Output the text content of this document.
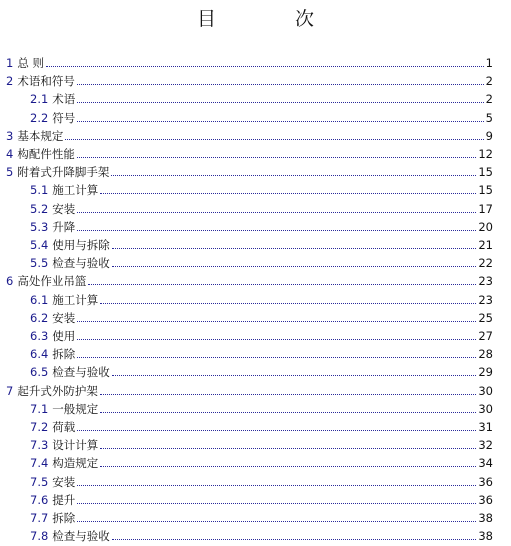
目　次
1 总 则	1
2 术语和符号	2
2.1 术语	2
2.2 符号	5
3 基本规定	9
4 构配件性能	12
5 附着式升降脚手架	15
5.1 施工计算	15
5.2 安装	17
5.3 升降	20
5.4 使用与拆除	21
5.5 检查与验收	22
6 高处作业吊篮	23
6.1 施工计算	23
6.2 安装	25
6.3 使用	27
6.4 拆除	28
6.5 检查与验收	29
7 起升式外防护架	30
7.1 一般规定	30
7.2 荷载	31
7.3 设计计算	32
7.4 构造规定	34
7.5 安装	36
7.6 提升	36
7.7 拆除	38
7.8 检查与验收	38
